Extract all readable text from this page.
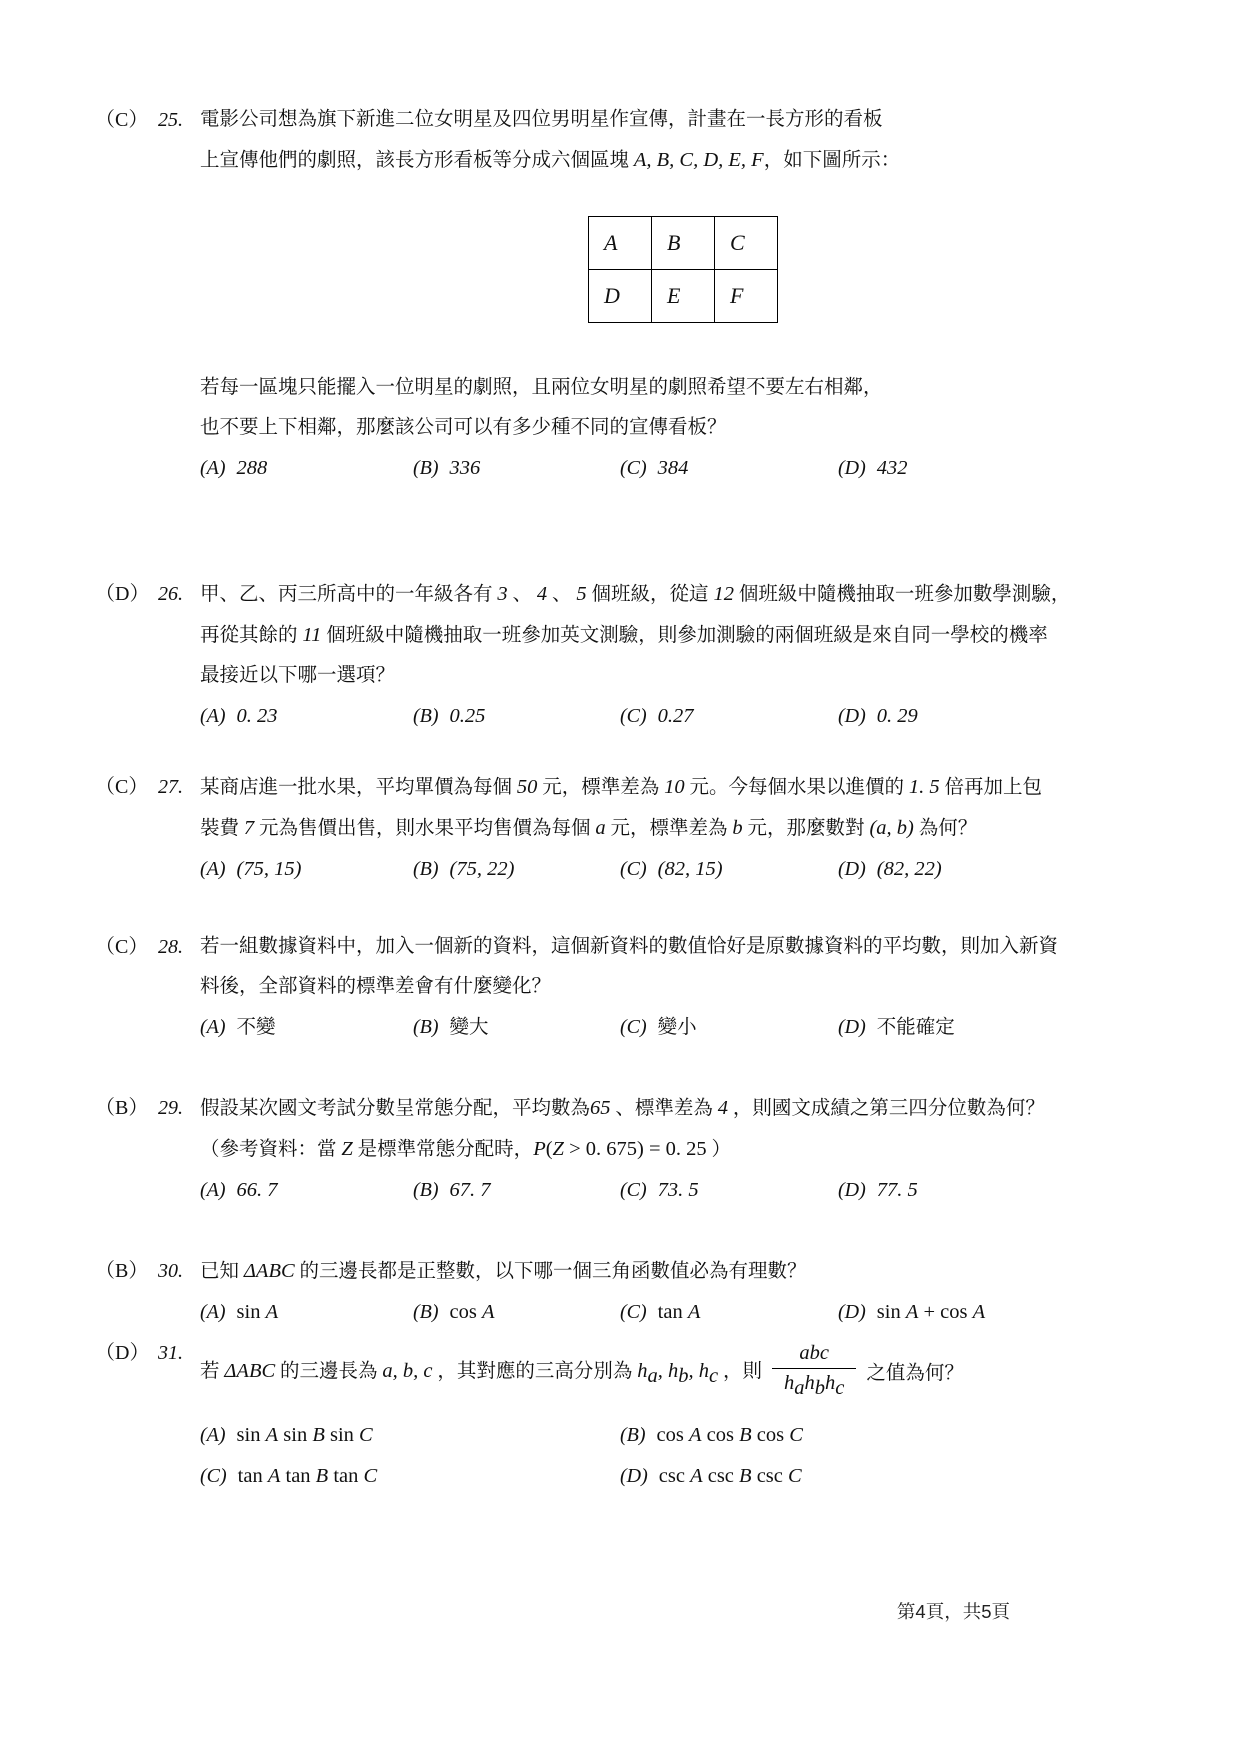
（C） 25. 電影公司想為旗下新進二位女明星及四位男明星作宣傳，計畫在一長方形的看板

上宣傳他們的劇照，該長方形看板等分成六個區塊 A, B, C, D, E, F，如下圖所示：

A	B	C
D	E	F

若每一區塊只能擺入一位明星的劇照，且兩位女明星的劇照希望不要左右相鄰，

也不要上下相鄰，那麼該公司可以有多少種不同的宣傳看板？

(A) 288	(B) 336	(C) 384	(D) 432
（D） 26. 甲、乙、丙三所高中的一年級各有 3 、 4 、 5 個班級，從這 12 個班級中隨機抽取一班參加數學測驗，

再從其餘的 11 個班級中隨機抽取一班參加英文測驗，則參加測驗的兩個班級是來自同一學校的機率

最接近以下哪一選項？

(A) 0. 23	(B) 0.25	(C) 0.27	(D) 0. 29
（C） 27. 某商店進一批水果，平均單價為每個 50 元，標準差為 10 元。今每個水果以進價的 1. 5 倍再加上包

裝費 7 元為售價出售，則水果平均售價為每個 a 元，標準差為 b 元，那麼數對 (a, b) 為何？

(A) (75, 15)	(B) (75, 22)	(C) (82, 15)	(D) (82, 22)
（C） 28. 若一組數據資料中，加入一個新的資料，這個新資料的數值恰好是原數據資料的平均數，則加入新資

料後，全部資料的標準差會有什麼變化？

(A) 不變	(B) 變大	(C) 變小	(D) 不能確定
（B） 29. 假設某次國文考試分數呈常態分配，平均數為65 、標準差為 4 ，則國文成績之第三四分位數為何？

（參考資料：當 Z 是標準常態分配時，P(Z > 0. 675) = 0. 25 ）

(A) 66. 7	(B) 67. 7	(C) 73. 5	(D) 77. 5
（B） 30. 已知 ΔABC 的三邊長都是正整數，以下哪一個三角函數值必為有理數？

(A) sin A	(B) cos A	(C) tan A	(D) sin A + cos A
（D） 31.

若 ΔABC 的三邊長為 a, b, c ，其對應的三高分別為 $h_a$, $h_b$, $h_c$ ，則 $\frac{\text{abc}}{h_ah_bh_c}$ 之值為何？

(A) sin A sin B sin C	(B) cos A cos B cos C
(C) tan A tan B tan C	(D) csc A csc B csc C
第4頁，共5頁
